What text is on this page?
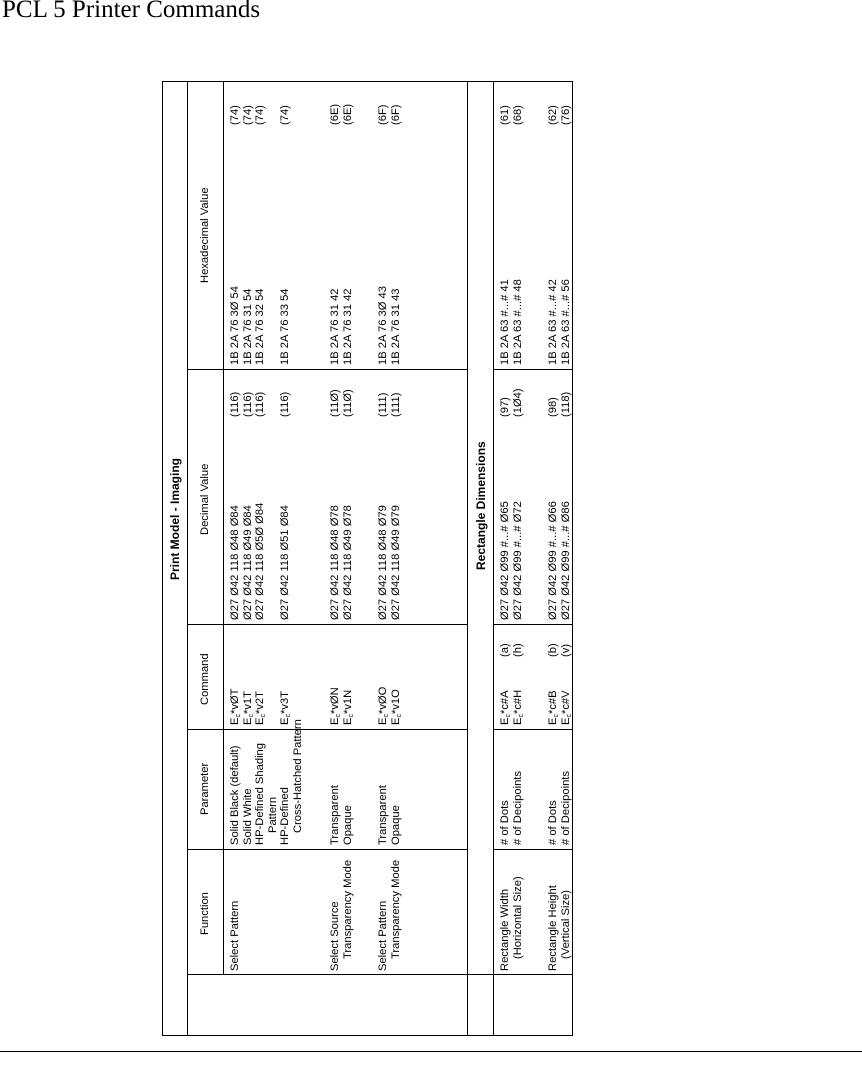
PCL 5 Printer Commands
Print Model - Imaging
Function
Parameter
Command
Decimal Value
Hexadecimal Value
Rectangle Dimensions
Select Pattern
Solid Black (default)
$E_c*vØT$
Ø27 Ø42 118 Ø48 Ø84
(116)
1B 2A 76 3Ø 54
(74)
Solid White
$E_c*v1T$
Ø27 Ø42 118 Ø49 Ø84
(116)
1B 2A 76 31 54
(74)
HP-Defined Shading
$E_c*v2T$
Ø27 Ø42 118 Ø5Ø Ø84
(116)
1B 2A 76 32 54
(74)
Pattern HP-Defined
$E_c*v3T$
Ø27 Ø42 118 Ø51 Ø84
(116)
1B 2A 76 33 54
(74)
Cross-Hatched Pattern
Select Source Transparency Mode
Transparent
$E_c*vØN$
Ø27 Ø42 118 Ø48 Ø78
(11Ø)
1B 2A 76 31 42
(6E)
Opaque
$E_c*v1N$
Ø27 Ø42 118 Ø49 Ø78
(11Ø)
1B 2A 76 31 42
(6E)
Select Pattern Transparency Mode
Transparent
$E_c*vØO$
Ø27 Ø42 118 Ø48 Ø79
(111)
1B 2A 76 3Ø 43
(6F)
Opaque
$E_c*v1O$
Ø27 Ø42 118 Ø49 Ø79
(111)
1B 2A 76 31 43
(6F)
Rectangle Width (Horizontal Size)
# of Dots
$E_c*c\#A$
(a)
Ø27 Ø42 Ø99 #...# Ø65
(97)
1B 2A 63 #...# 41
(61)
# of Decipoints
$E_c*c\#H$
(h)
Ø27 Ø42 Ø99 #...# Ø72
(1Ø4)
1B 2A 63 #...# 48
(68)
Rectangle Height (Vertical Size)
# of Dots
$E_c*c\#B$
(b)
Ø27 Ø42 Ø99 #...# Ø66
(98)
1B 2A 63 #...# 42
(62)
# of Decipoints
$E_c*c\#V$
(v)
Ø27 Ø42 Ø99 #...# Ø86
(118)
1B 2A 63 #...# 56
(76)
